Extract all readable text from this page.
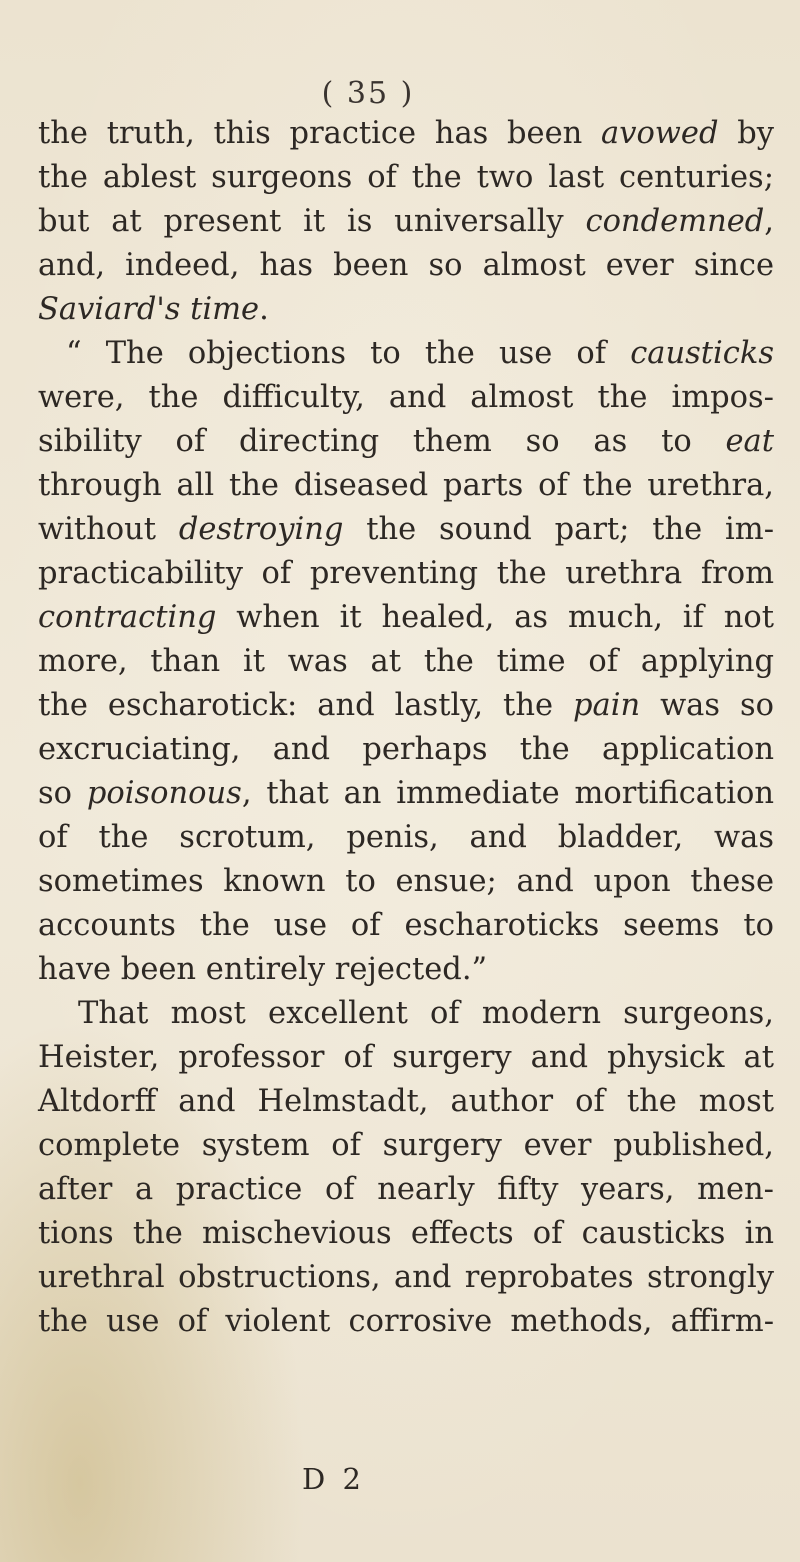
( 35 )
the truth, this practice has been avowed by
the ablest surgeons of the two last centuries;
but at present it is universally condemned,
and, indeed, has been so almost ever since
Saviard's time.
“ The objections to the use of causticks
were, the difficulty, and almost the impos-
sibility of directing them so as to eat
through all the diseased parts of the urethra,
without destroying the sound part; the im-
practicability of preventing the urethra from
contracting when it healed, as much, if not
more, than it was at the time of applying
the escharotick: and lastly, the pain was so
excruciating, and perhaps the application
so poisonous, that an immediate mortification
of the scrotum, penis, and bladder, was
sometimes known to ensue; and upon these
accounts the use of escharoticks seems to
have been entirely rejected.”
That most excellent of modern surgeons,
Heister, professor of surgery and physick at
Altdorff and Helmstadt, author of the most
complete system of surgery ever published,
after a practice of nearly fifty years, men-
tions the mischevious effects of causticks in
urethral obstructions, and reprobates strongly
the use of violent corrosive methods, affirm-
D 2
